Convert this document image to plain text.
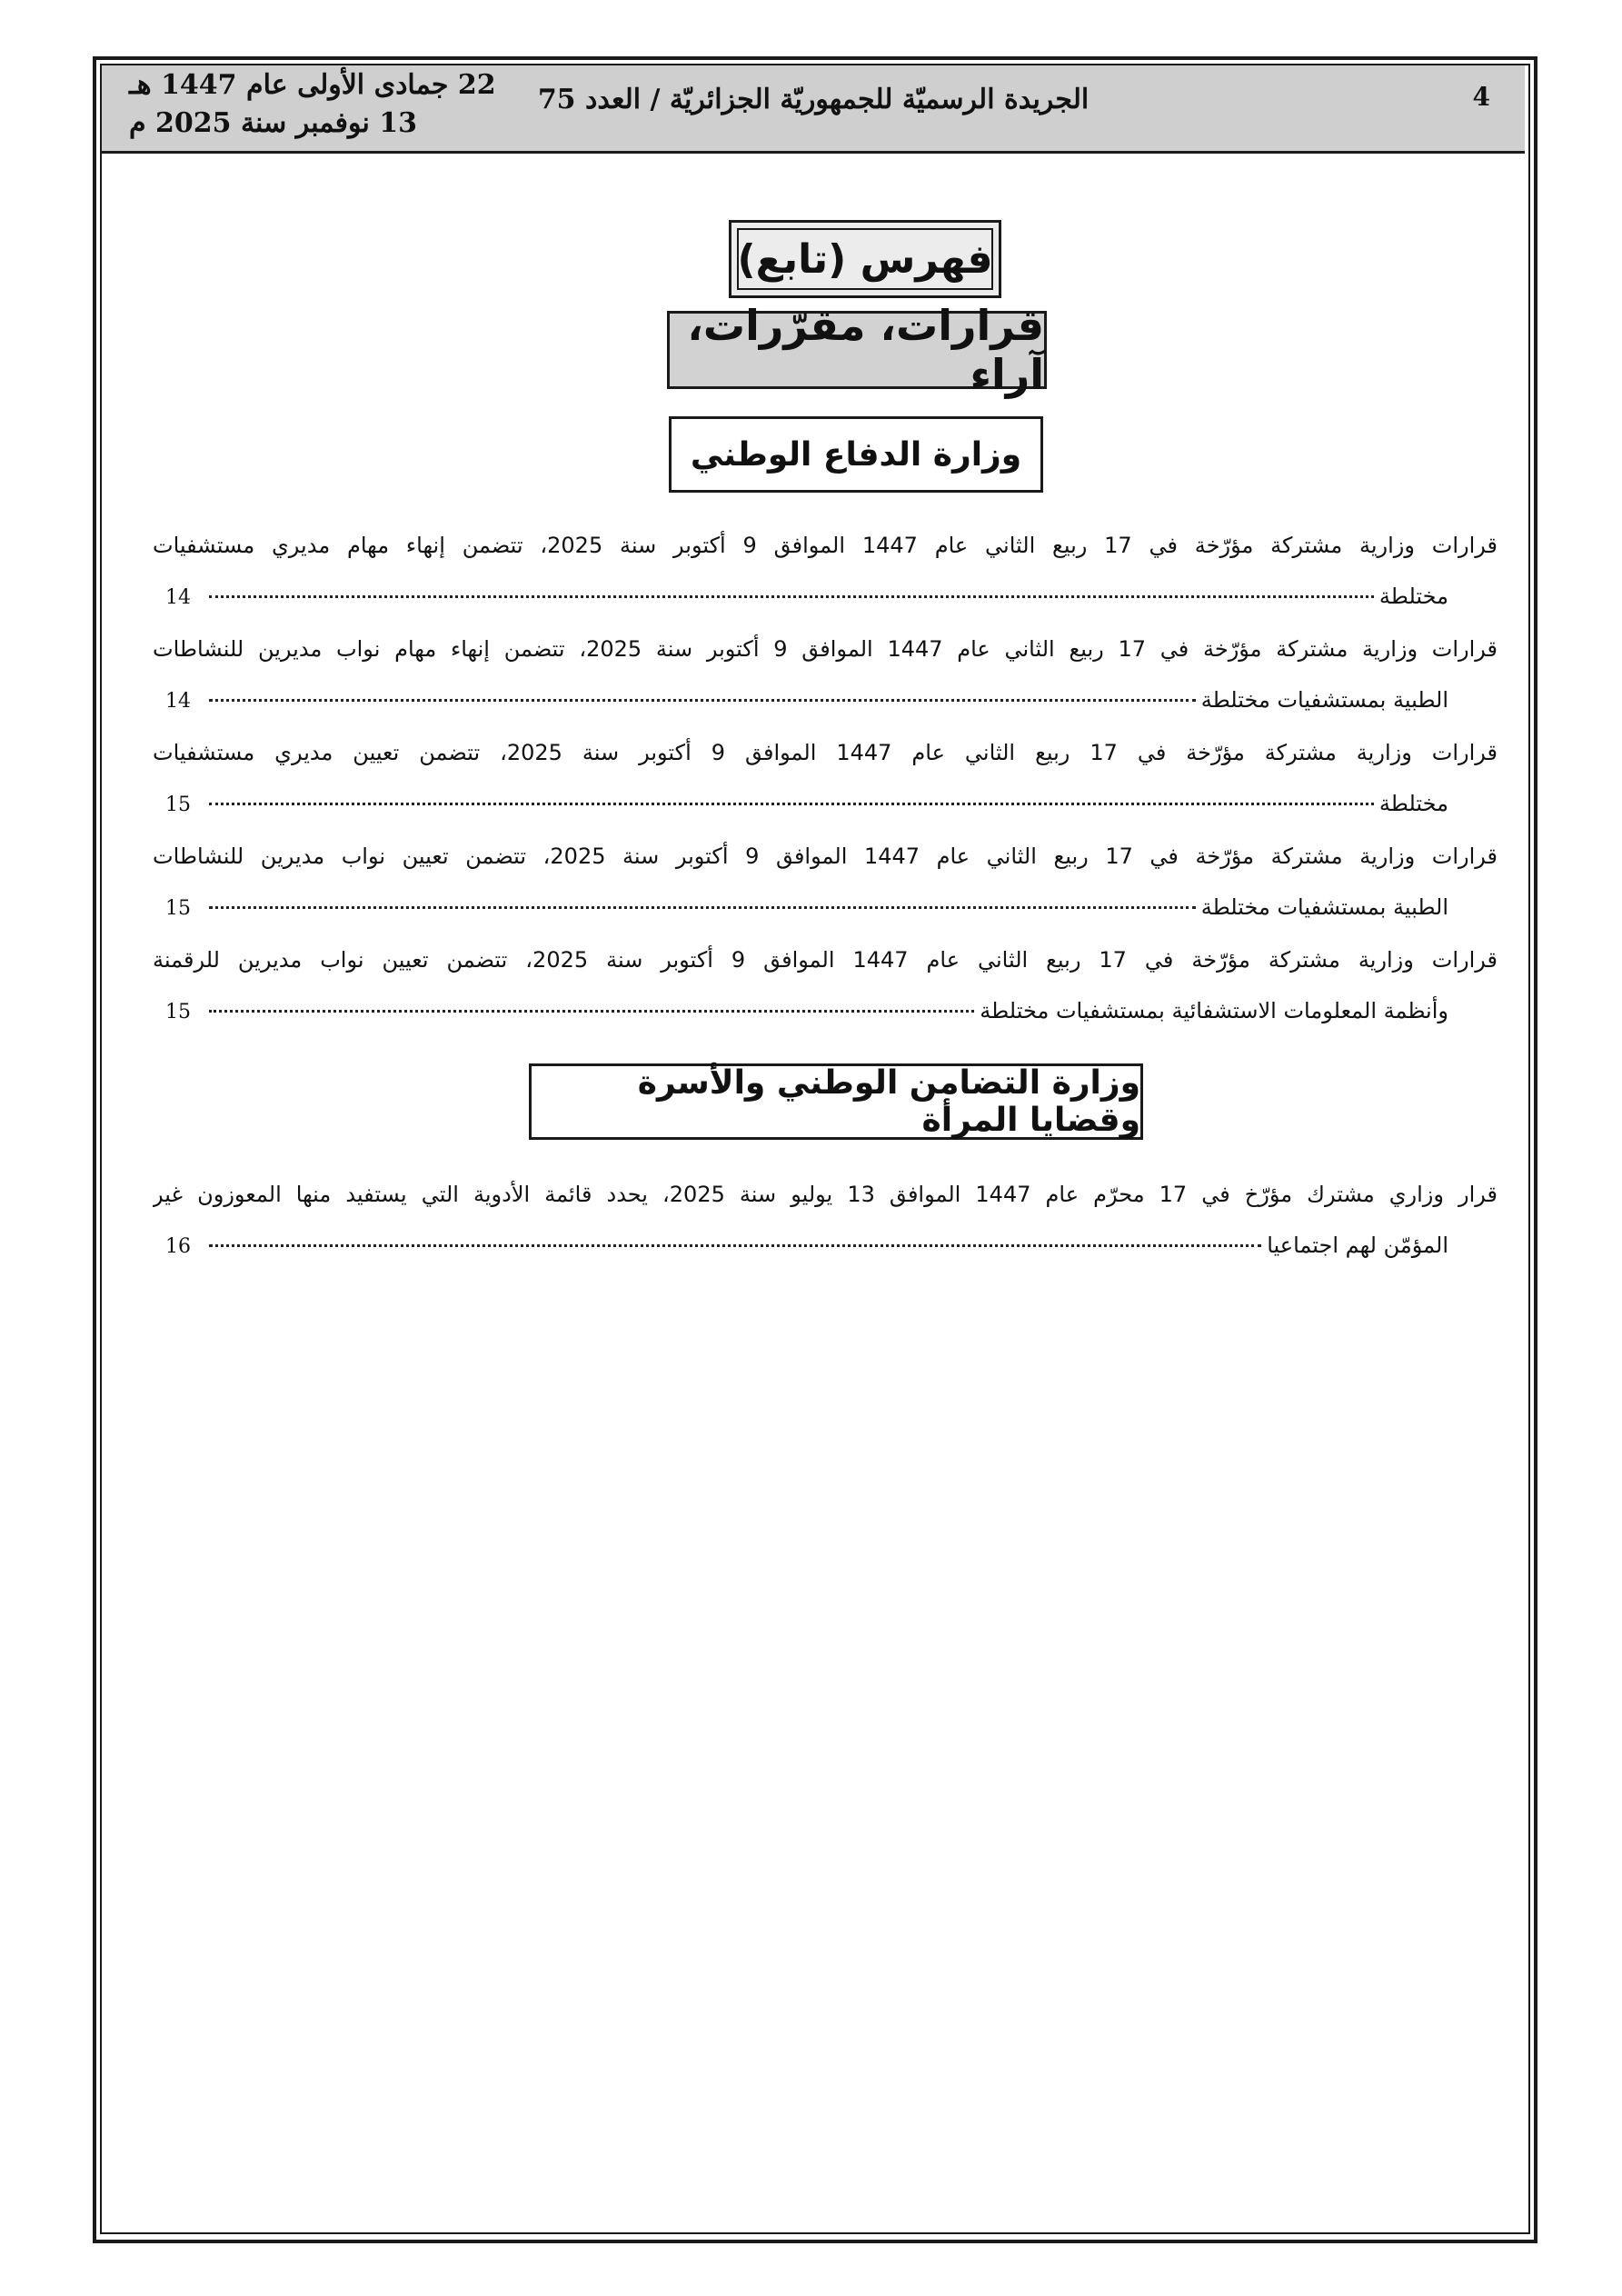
4
الجريدة الرسميّة للجمهوريّة الجزائريّة / العدد 75
22 جمادى الأولى عام 1447 هـ
13 نوفمبر سنة 2025 م
فهرس (تابع)
قرارات، مقرّرات، آراء
وزارة الدفاع الوطني
قرارات وزارية مشتركة مؤرّخة في 17 ربيع الثاني عام 1447 الموافق 9 أكتوبر سنة 2025، تتضمن إنهاء مهام مديري مستشفيات
مختلطة
14
قرارات وزارية مشتركة مؤرّخة في 17 ربيع الثاني عام 1447 الموافق 9 أكتوبر سنة 2025، تتضمن إنهاء مهام نواب مديرين للنشاطات
الطبية بمستشفيات مختلطة
14
قرارات وزارية مشتركة مؤرّخة في 17 ربيع الثاني عام 1447 الموافق 9 أكتوبر سنة 2025، تتضمن تعيين مديري مستشفيات
مختلطة
15
قرارات وزارية مشتركة مؤرّخة في 17 ربيع الثاني عام 1447 الموافق 9 أكتوبر سنة 2025، تتضمن تعيين نواب مديرين للنشاطات
الطبية بمستشفيات مختلطة
15
قرارات وزارية مشتركة مؤرّخة في 17 ربيع الثاني عام 1447 الموافق 9 أكتوبر سنة 2025، تتضمن تعيين نواب مديرين للرقمنة
وأنظمة المعلومات الاستشفائية بمستشفيات مختلطة
15
وزارة التضامن الوطني والأسرة وقضايا المرأة
قرار وزاري مشترك مؤرّخ في 17 محرّم عام 1447 الموافق 13 يوليو سنة 2025، يحدد قائمة الأدوية التي يستفيد منها المعوزون غير
المؤمّن لهم اجتماعيا
16
